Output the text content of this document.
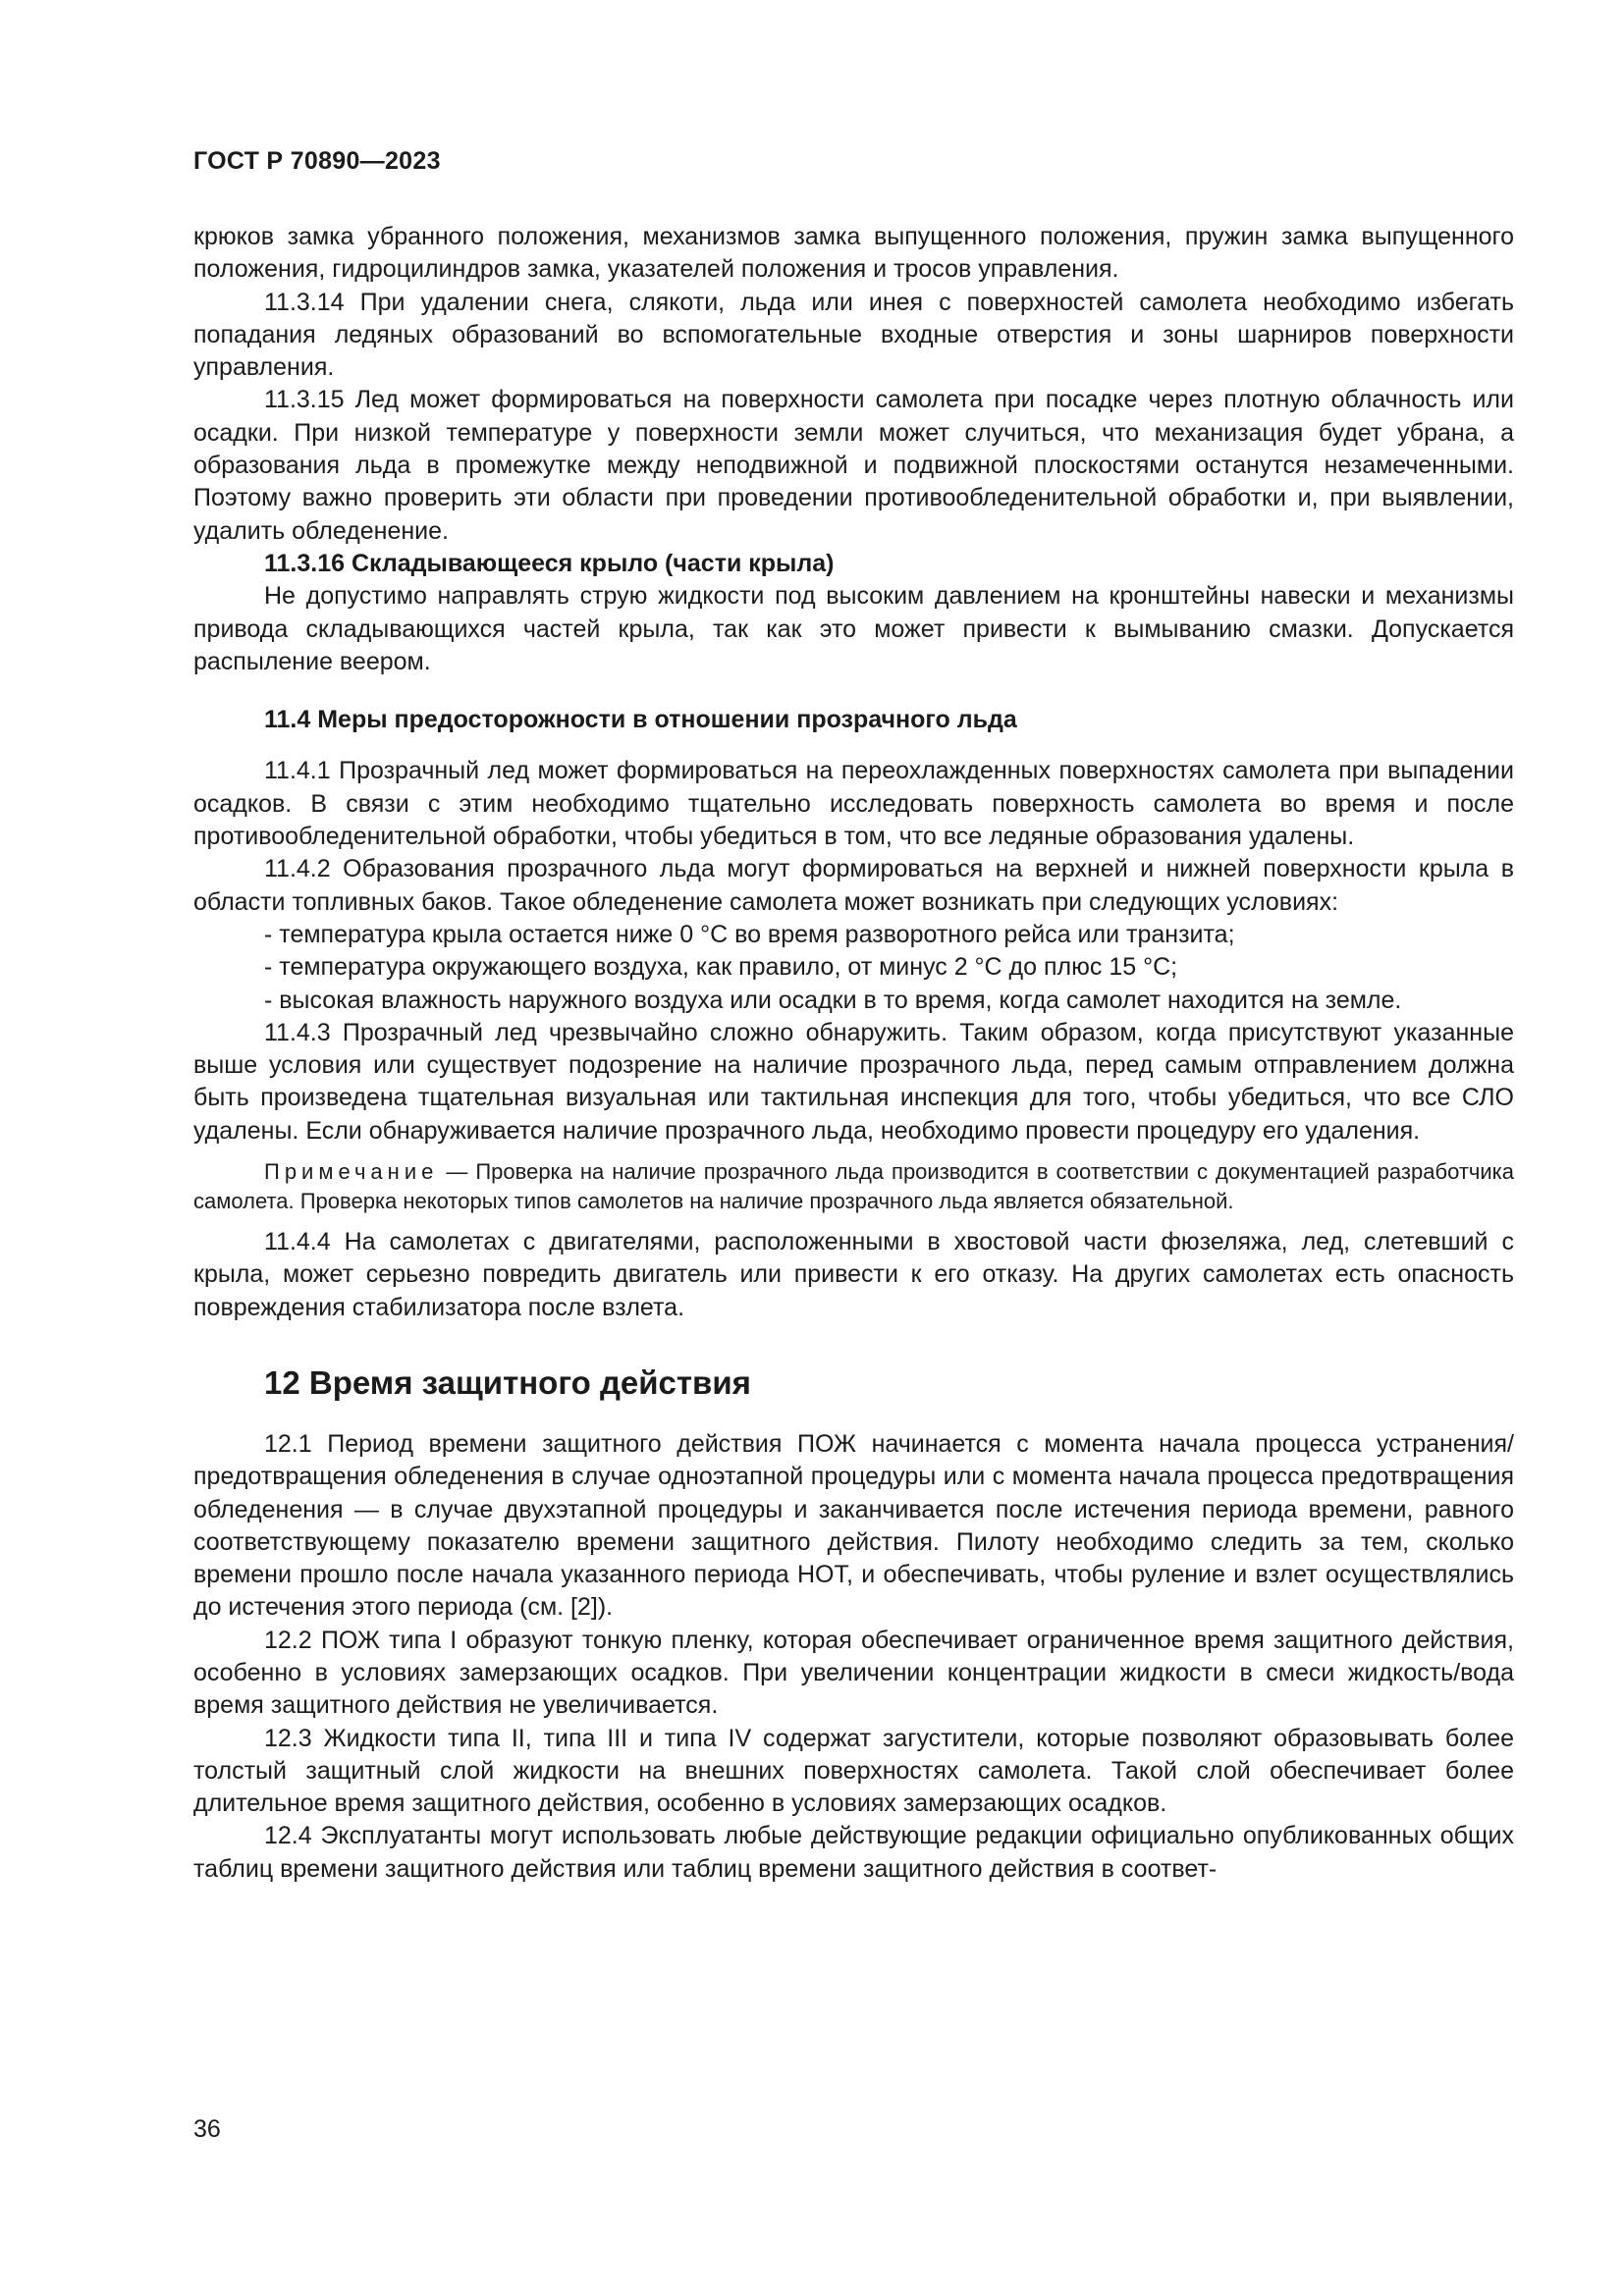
ГОСТ Р 70890—2023

крюков замка убранного положения, механизмов замка выпущенного положения, пружин замка выпущенного положения, гидроцилиндров замка, указателей положения и тросов управления.

11.3.14 При удалении снега, слякоти, льда или инея с поверхностей самолета необходимо избегать попадания ледяных образований во вспомогательные входные отверстия и зоны шарниров поверхности управления.

11.3.15 Лед может формироваться на поверхности самолета при посадке через плотную облачность или осадки. При низкой температуре у поверхности земли может случиться, что механизация будет убрана, а образования льда в промежутке между неподвижной и подвижной плоскостями останутся незамеченными. Поэтому важно проверить эти области при проведении противообледенительной обработки и, при выявлении, удалить обледенение.

11.3.16 Складывающееся крыло (части крыла)

Не допустимо направлять струю жидкости под высоким давлением на кронштейны навески и механизмы привода складывающихся частей крыла, так как это может привести к вымыванию смазки. Допускается распыление веером.

11.4 Меры предосторожности в отношении прозрачного льда

11.4.1 Прозрачный лед может формироваться на переохлажденных поверхностях самолета при выпадении осадков. В связи с этим необходимо тщательно исследовать поверхность самолета во время и после противообледенительной обработки, чтобы убедиться в том, что все ледяные образования удалены.

11.4.2 Образования прозрачного льда могут формироваться на верхней и нижней поверхности крыла в области топливных баков. Такое обледенение самолета может возникать при следующих условиях:

- температура крыла остается ниже 0 °С во время разворотного рейса или транзита;

- температура окружающего воздуха, как правило, от минус 2 °С до плюс 15 °С;

- высокая влажность наружного воздуха или осадки в то время, когда самолет находится на земле.

11.4.3 Прозрачный лед чрезвычайно сложно обнаружить. Таким образом, когда присутствуют указанные выше условия или существует подозрение на наличие прозрачного льда, перед самым отправлением должна быть произведена тщательная визуальная или тактильная инспекция для того, чтобы убедиться, что все СЛО удалены. Если обнаруживается наличие прозрачного льда, необходимо провести процедуру его удаления.

Примечание — Проверка на наличие прозрачного льда производится в соответствии с документацией разработчика самолета. Проверка некоторых типов самолетов на наличие прозрачного льда является обязательной.

11.4.4 На самолетах с двигателями, расположенными в хвостовой части фюзеляжа, лед, слетевший с крыла, может серьезно повредить двигатель или привести к его отказу. На других самолетах есть опасность повреждения стабилизатора после взлета.

12 Время защитного действия

12.1 Период времени защитного действия ПОЖ начинается с момента начала процесса устранения/предотвращения обледенения в случае одноэтапной процедуры или с момента начала процесса предотвращения обледенения — в случае двухэтапной процедуры и заканчивается после истечения периода времени, равного соответствующему показателю времени защитного действия. Пилоту необходимо следить за тем, сколько времени прошло после начала указанного периода НОТ, и обеспечивать, чтобы руление и взлет осуществлялись до истечения этого периода (см. [2]).

12.2 ПОЖ типа I образуют тонкую пленку, которая обеспечивает ограниченное время защитного действия, особенно в условиях замерзающих осадков. При увеличении концентрации жидкости в смеси жидкость/вода время защитного действия не увеличивается.

12.3 Жидкости типа II, типа III и типа IV содержат загустители, которые позволяют образовывать более толстый защитный слой жидкости на внешних поверхностях самолета. Такой слой обеспечивает более длительное время защитного действия, особенно в условиях замерзающих осадков.

12.4 Эксплуатанты могут использовать любые действующие редакции официально опубликованных общих таблиц времени защитного действия или таблиц времени защитного действия в соответ-

36
